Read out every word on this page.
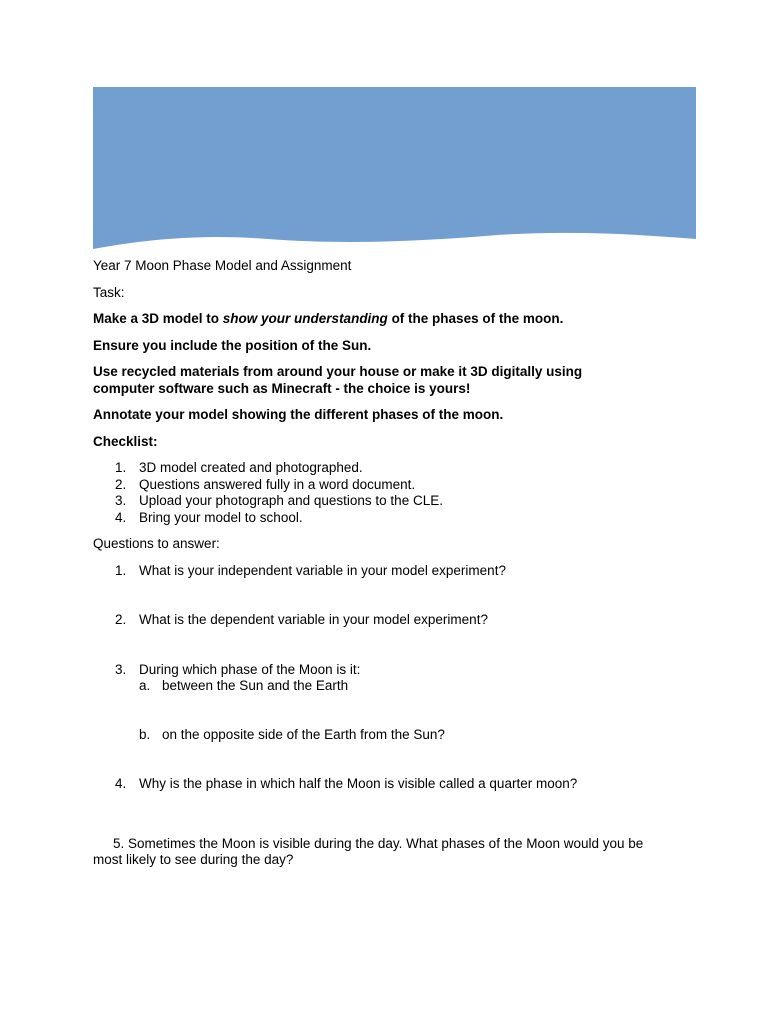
Year 7 Moon Phase Model and Assignment

Task:

Make a 3D model to show your understanding of the phases of the moon.

Ensure you include the position of the Sun.

Use recycled materials from around your house or make it 3D digitally using

computer software such as Minecraft - the choice is yours!

Annotate your model showing the different phases of the moon.

Checklist:

1. 3D model created and photographed.
2. Questions answered fully in a word document.
3. Upload your photograph and questions to the CLE.
4. Bring your model to school.

Questions to answer:

1. What is your independent variable in your model experiment?
2. What is the dependent variable in your model experiment?
3. During which phase of the Moon is it:
a. between the Sun and the Earth
b. on the opposite side of the Earth from the Sun?
4. Why is the phase in which half the Moon is visible called a quarter moon?

5. Sometimes the Moon is visible during the day. What phases of the Moon would you be

most likely to see during the day?
